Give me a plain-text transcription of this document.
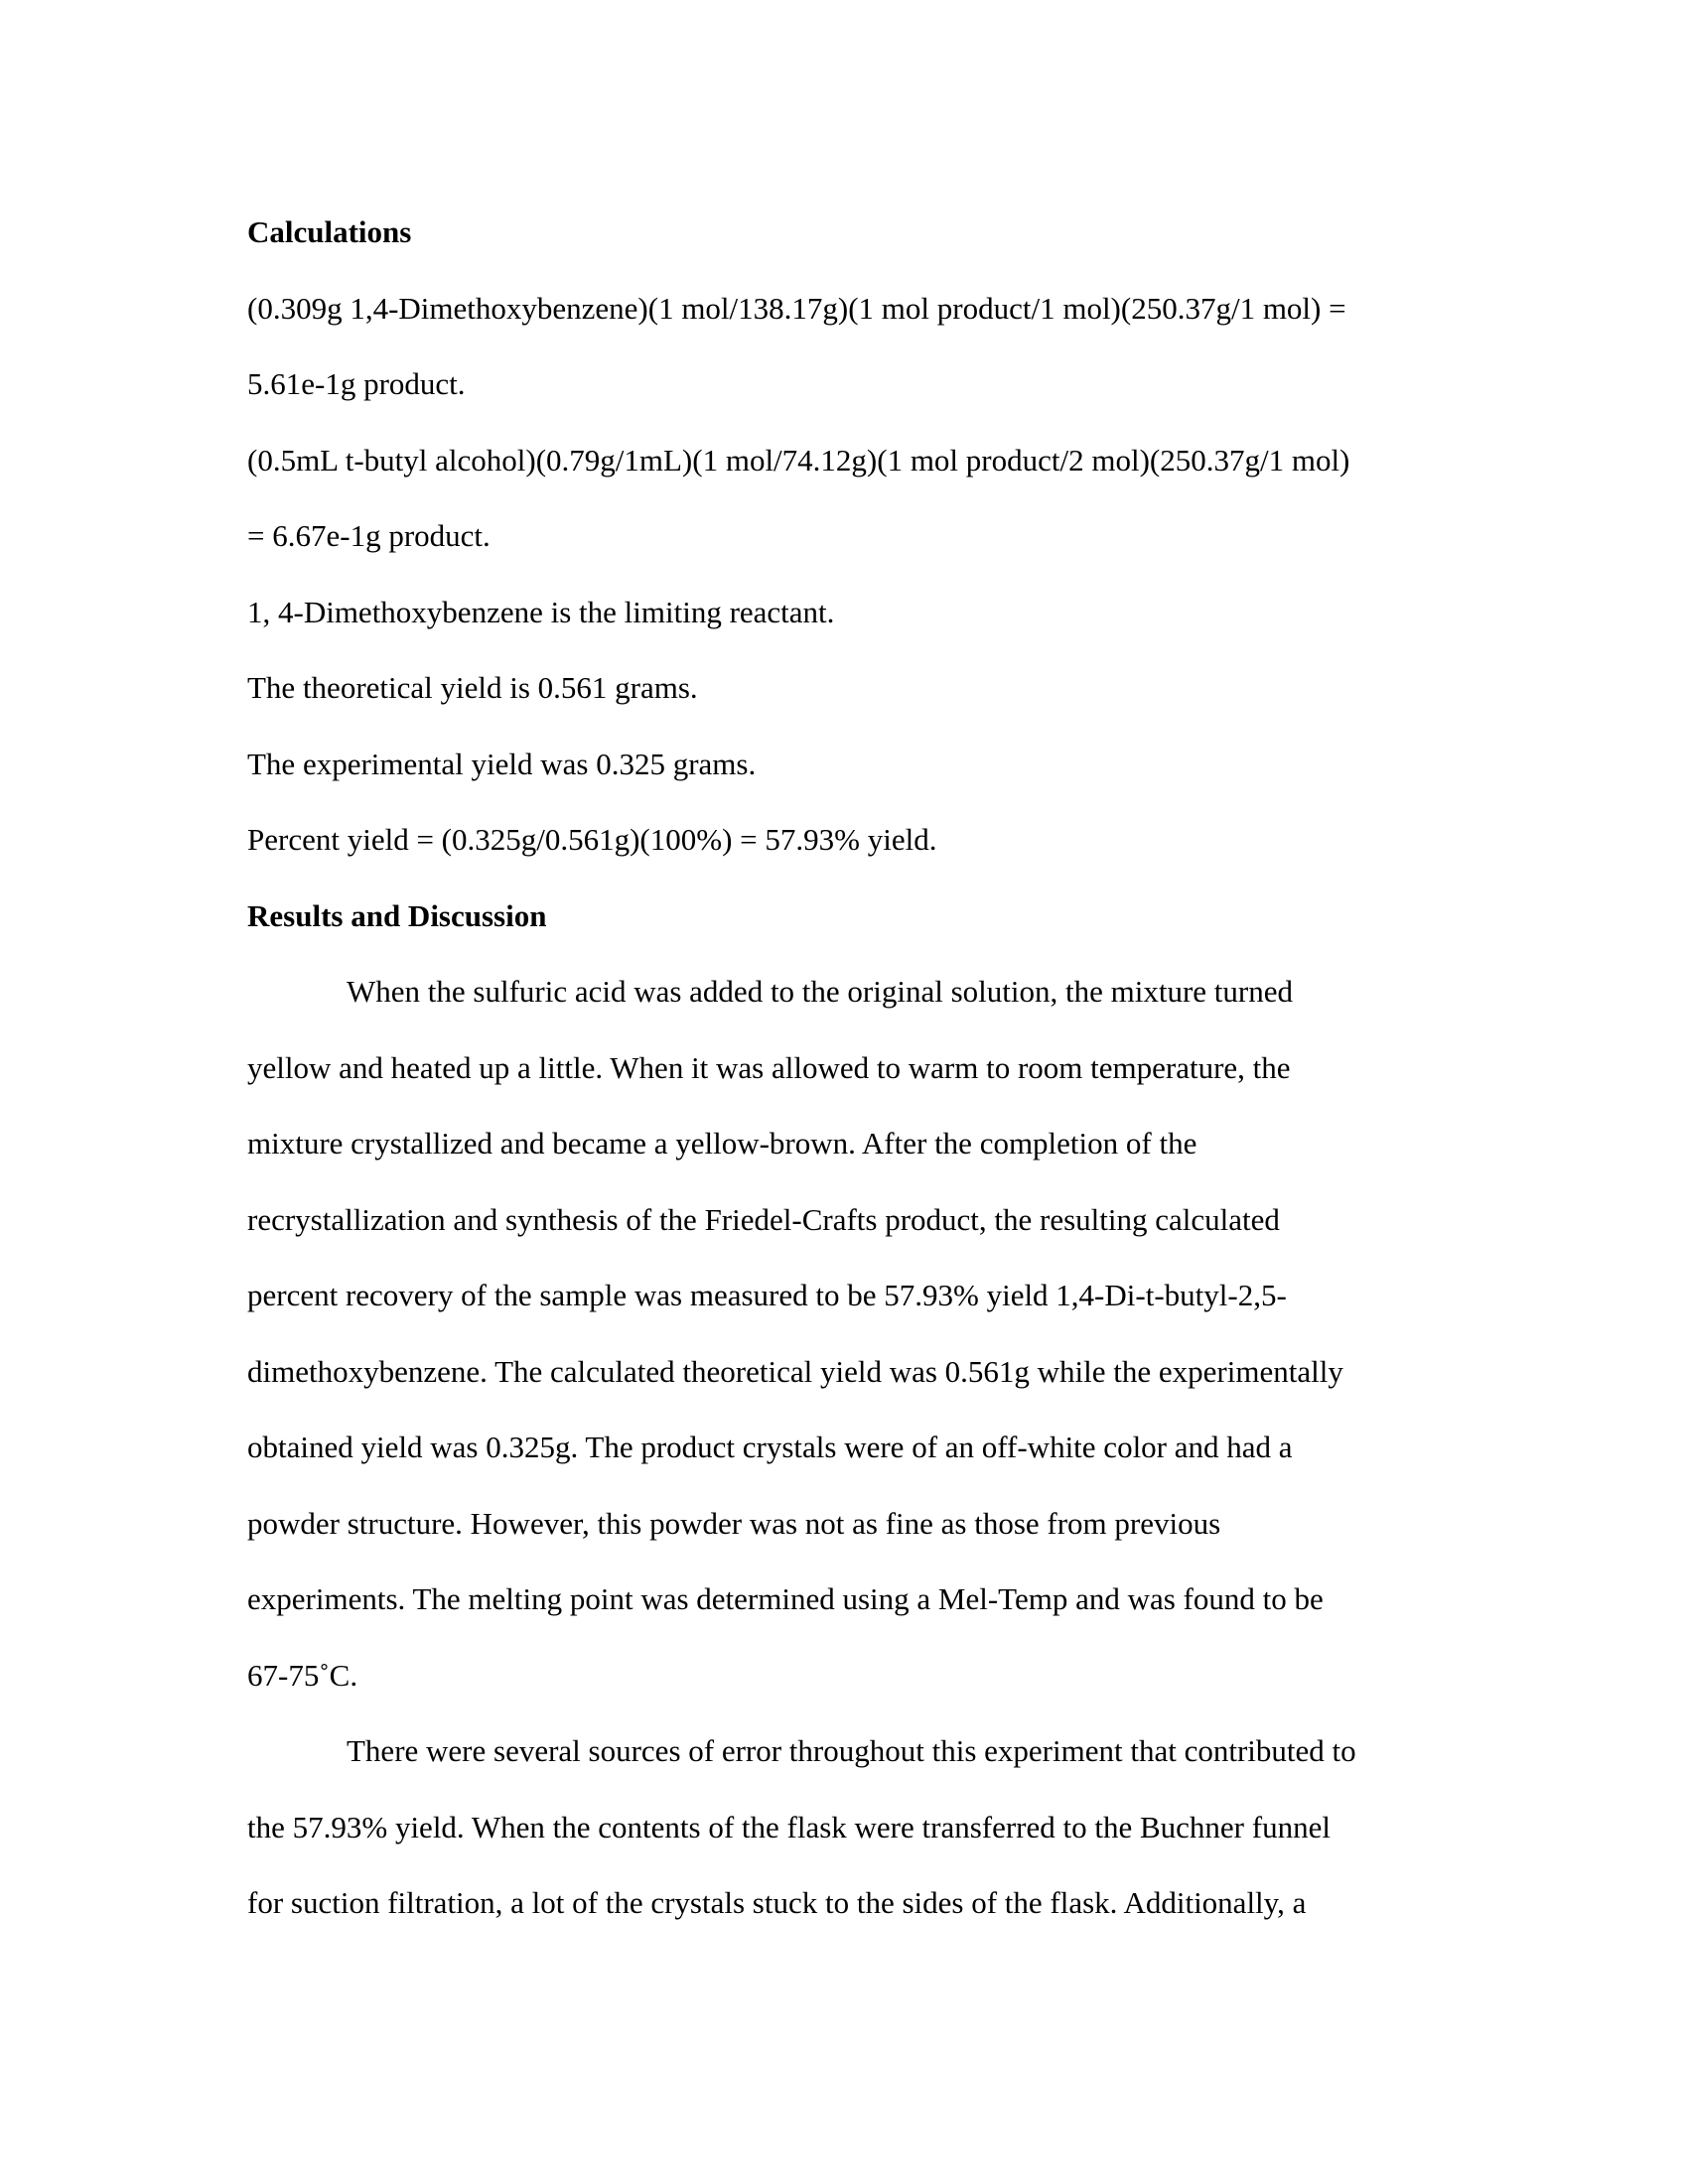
Calculations
(0.309g 1,4-Dimethoxybenzene)(1 mol/138.17g)(1 mol product/1 mol)(250.37g/1 mol) =
5.61e-1g product.
(0.5mL t-butyl alcohol)(0.79g/1mL)(1 mol/74.12g)(1 mol product/2 mol)(250.37g/1 mol)
= 6.67e-1g product.
1, 4-Dimethoxybenzene is the limiting reactant.
The theoretical yield is 0.561 grams.
The experimental yield was 0.325 grams.
Percent yield = (0.325g/0.561g)(100%) = 57.93% yield.
Results and Discussion
When the sulfuric acid was added to the original solution, the mixture turned
yellow and heated up a little. When it was allowed to warm to room temperature, the
mixture crystallized and became a yellow-brown. After the completion of the
recrystallization and synthesis of the Friedel-Crafts product, the resulting calculated
percent recovery of the sample was measured to be 57.93% yield 1,4-Di-t-butyl-2,5-
dimethoxybenzene. The calculated theoretical yield was 0.561g while the experimentally
obtained yield was 0.325g. The product crystals were of an off-white color and had a
powder structure. However, this powder was not as fine as those from previous
experiments. The melting point was determined using a Mel-Temp and was found to be
67-75˚C.
There were several sources of error throughout this experiment that contributed to
the 57.93% yield. When the contents of the flask were transferred to the Buchner funnel
for suction filtration, a lot of the crystals stuck to the sides of the flask. Additionally, a
